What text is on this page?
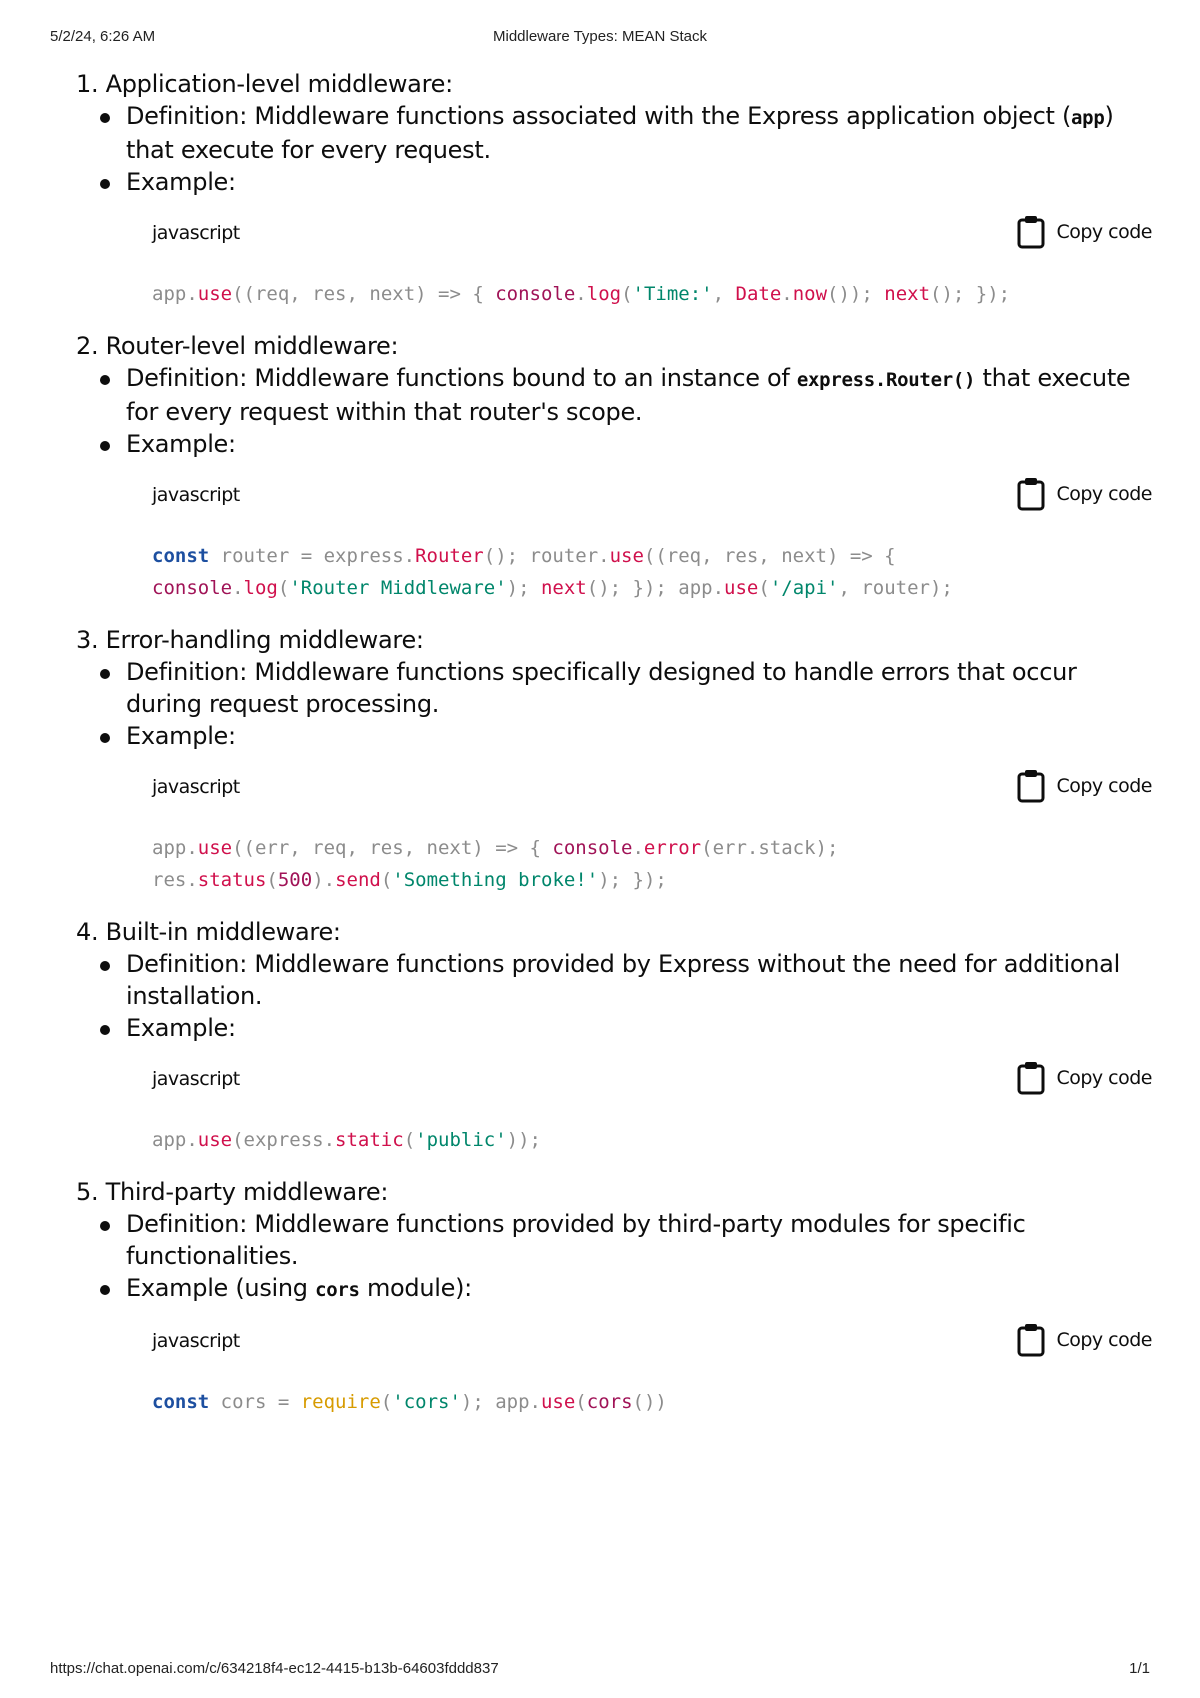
5/2/24, 6:26 AM	Middleware Types: MEAN Stack

1. Application-level middleware:

Definition: Middleware functions associated with the Express application object (app) that execute for every request.
Example:
javascript	Copy code
app.use((req, res, next) => { console.log('Time:', Date.now()); next(); });

2. Router-level middleware:

Definition: Middleware functions bound to an instance of express.Router() that execute for every request within that router's scope.
Example:
javascript	Copy code
const router = express.Router(); router.use((req, res, next) => {
console.log('Router Middleware'); next(); }); app.use('/api', router);

3. Error-handling middleware:

Definition: Middleware functions specifically designed to handle errors that occur during request processing.
Example:
javascript	Copy code
app.use((err, req, res, next) => { console.error(err.stack);
res.status(500).send('Something broke!'); });

4. Built-in middleware:

Definition: Middleware functions provided by Express without the need for additional installation.
Example:
javascript	Copy code
app.use(express.static('public'));

5. Third-party middleware:

Definition: Middleware functions provided by third-party modules for specific functionalities.
Example (using cors module):
javascript	Copy code
const cors = require('cors'); app.use(cors())
https://chat.openai.com/c/634218f4-ec12-4415-b13b-64603fddd837	1/1
